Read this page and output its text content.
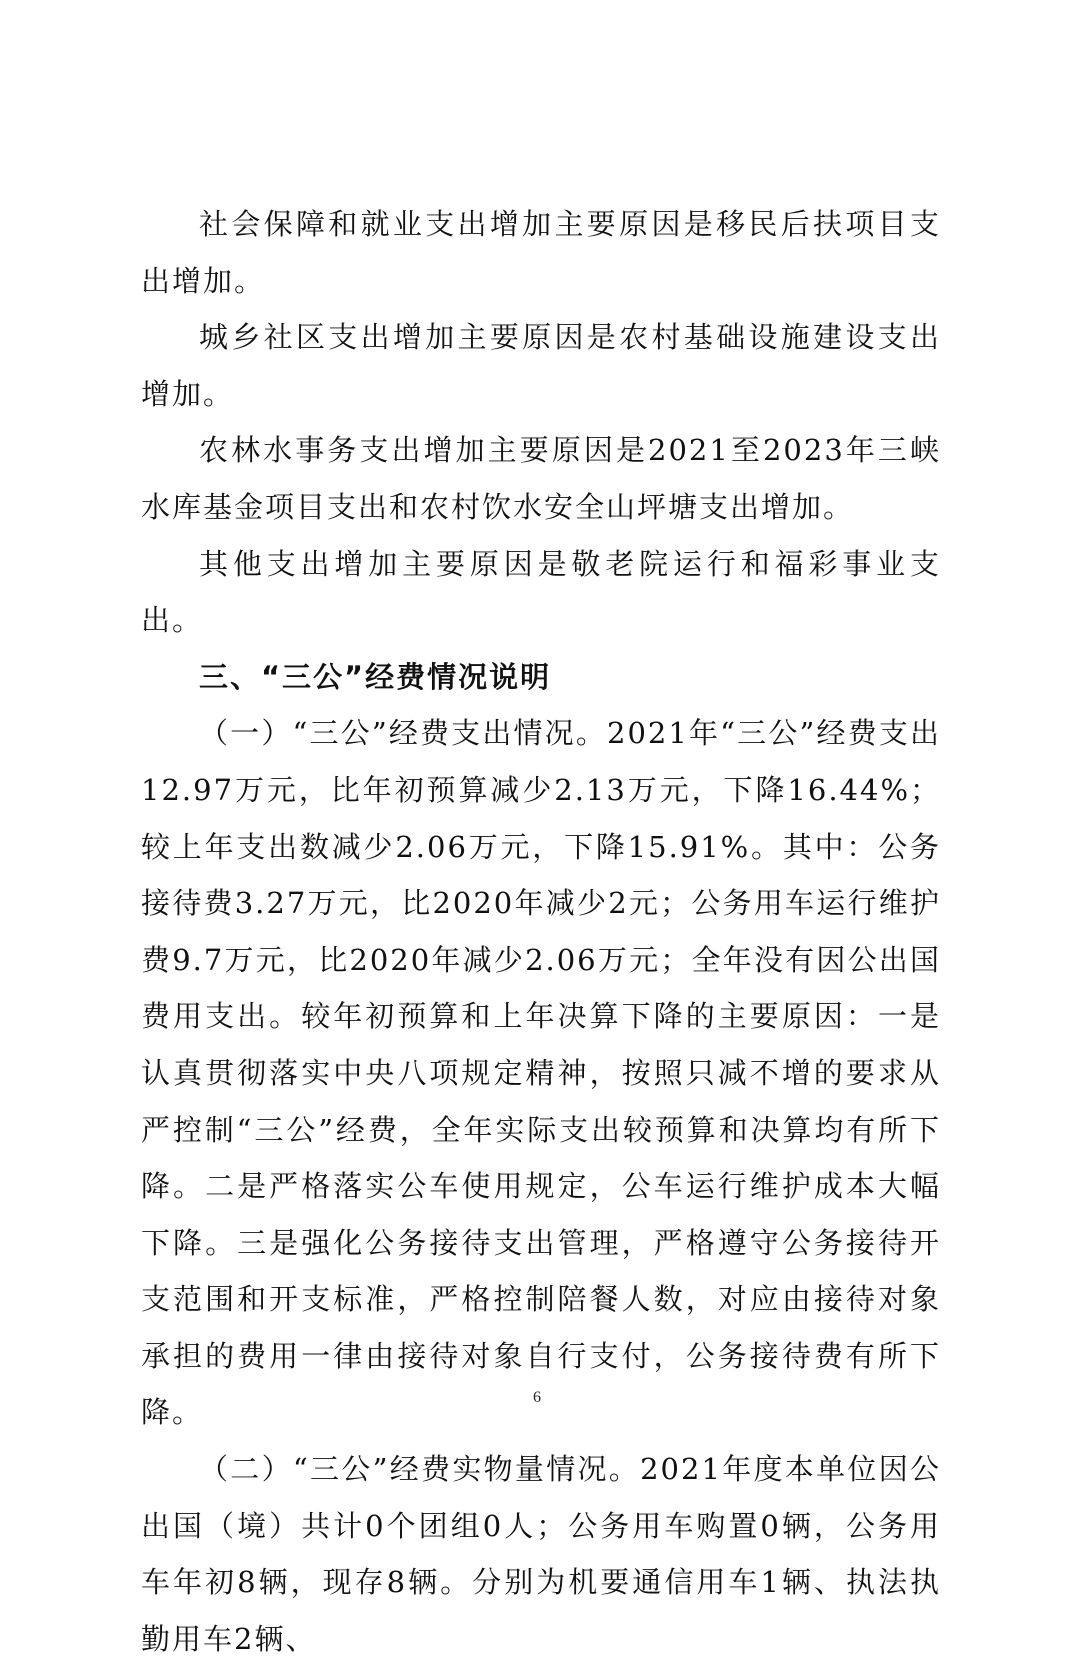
社会保障和就业支出增加主要原因是移民后扶项目支出增加。

城乡社区支出增加主要原因是农村基础设施建设支出增加。

农林水事务支出增加主要原因是2021至2023年三峡水库基金项目支出和农村饮水安全山坪塘支出增加。

其他支出增加主要原因是敬老院运行和福彩事业支出。

三、“三公”经费情况说明

（一）“三公”经费支出情况。2021年“三公”经费支出12.97万元，比年初预算减少2.13万元，下降16.44%；较上年支出数减少2.06万元，下降15.91%。其中：公务接待费3.27万元，比2020年减少2元；公务用车运行维护费9.7万元，比2020年减少2.06万元；全年没有因公出国费用支出。较年初预算和上年决算下降的主要原因：一是认真贯彻落实中央八项规定精神，按照只减不增的要求从严控制“三公”经费，全年实际支出较预算和决算均有所下降。二是严格落实公车使用规定，公车运行维护成本大幅下降。三是强化公务接待支出管理，严格遵守公务接待开支范围和开支标准，严格控制陪餐人数，对应由接待对象承担的费用一律由接待对象自行支付，公务接待费有所下降。

（二）“三公”经费实物量情况。2021年度本单位因公出国（境）共计0个团组0人；公务用车购置0辆，公务用车年初8辆，现存8辆。分别为机要通信用车1辆、执法执勤用车2辆、

6
